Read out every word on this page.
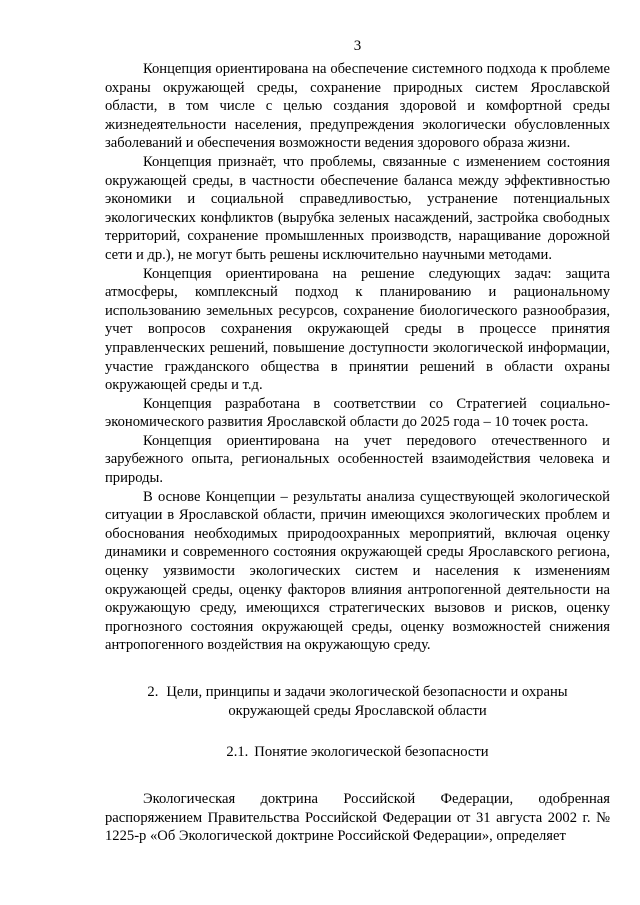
3

Концепция ориентирована на обеспечение системного подхода к проблеме охраны окружающей среды, сохранение природных систем Ярославской области, в том числе с целью создания здоровой и комфортной среды жизнедеятельности населения, предупреждения экологически обусловленных заболеваний и обеспечения возможности ведения здорового образа жизни.

Концепция признаёт, что проблемы, связанные с изменением состояния окружающей среды, в частности обеспечение баланса между эффективностью экономики и социальной справедливостью, устранение потенциальных экологических конфликтов (вырубка зеленых насаждений, застройка свободных территорий, сохранение промышленных производств, наращивание дорожной сети и др.), не могут быть решены исключительно научными методами.

Концепция ориентирована на решение следующих задач: защита атмосферы, комплексный подход к планированию и рациональному использованию земельных ресурсов, сохранение биологического разнообразия, учет вопросов сохранения окружающей среды в процессе принятия управленческих решений, повышение доступности экологической информации, участие гражданского общества в принятии решений в области охраны окружающей среды и т.д.

Концепция разработана в соответствии со Стратегией социально-экономического развития Ярославской области до 2025 года – 10 точек роста.

Концепция ориентирована на учет передового отечественного и зарубежного опыта, региональных особенностей взаимодействия человека и природы.

В основе Концепции – результаты анализа существующей экологической ситуации в Ярославской области, причин имеющихся экологических проблем и обоснования необходимых природоохранных мероприятий, включая оценку динамики и современного состояния окружающей среды Ярославского региона, оценку уязвимости экологических систем и населения к изменениям окружающей среды, оценку факторов влияния антропогенной деятельности на окружающую среду, имеющихся стратегических вызовов и рисков, оценку прогнозного состояния окружающей среды, оценку возможностей снижения антропогенного воздействия на окружающую среду.

2. Цели, принципы и задачи экологической безопасности и охраны окружающей среды Ярославской области
2.1. Понятие экологической безопасности

Экологическая доктрина Российской Федерации, одобренная распоряжением Правительства Российской Федерации от 31 августа 2002 г. № 1225-р «Об Экологической доктрине Российской Федерации», определяет
